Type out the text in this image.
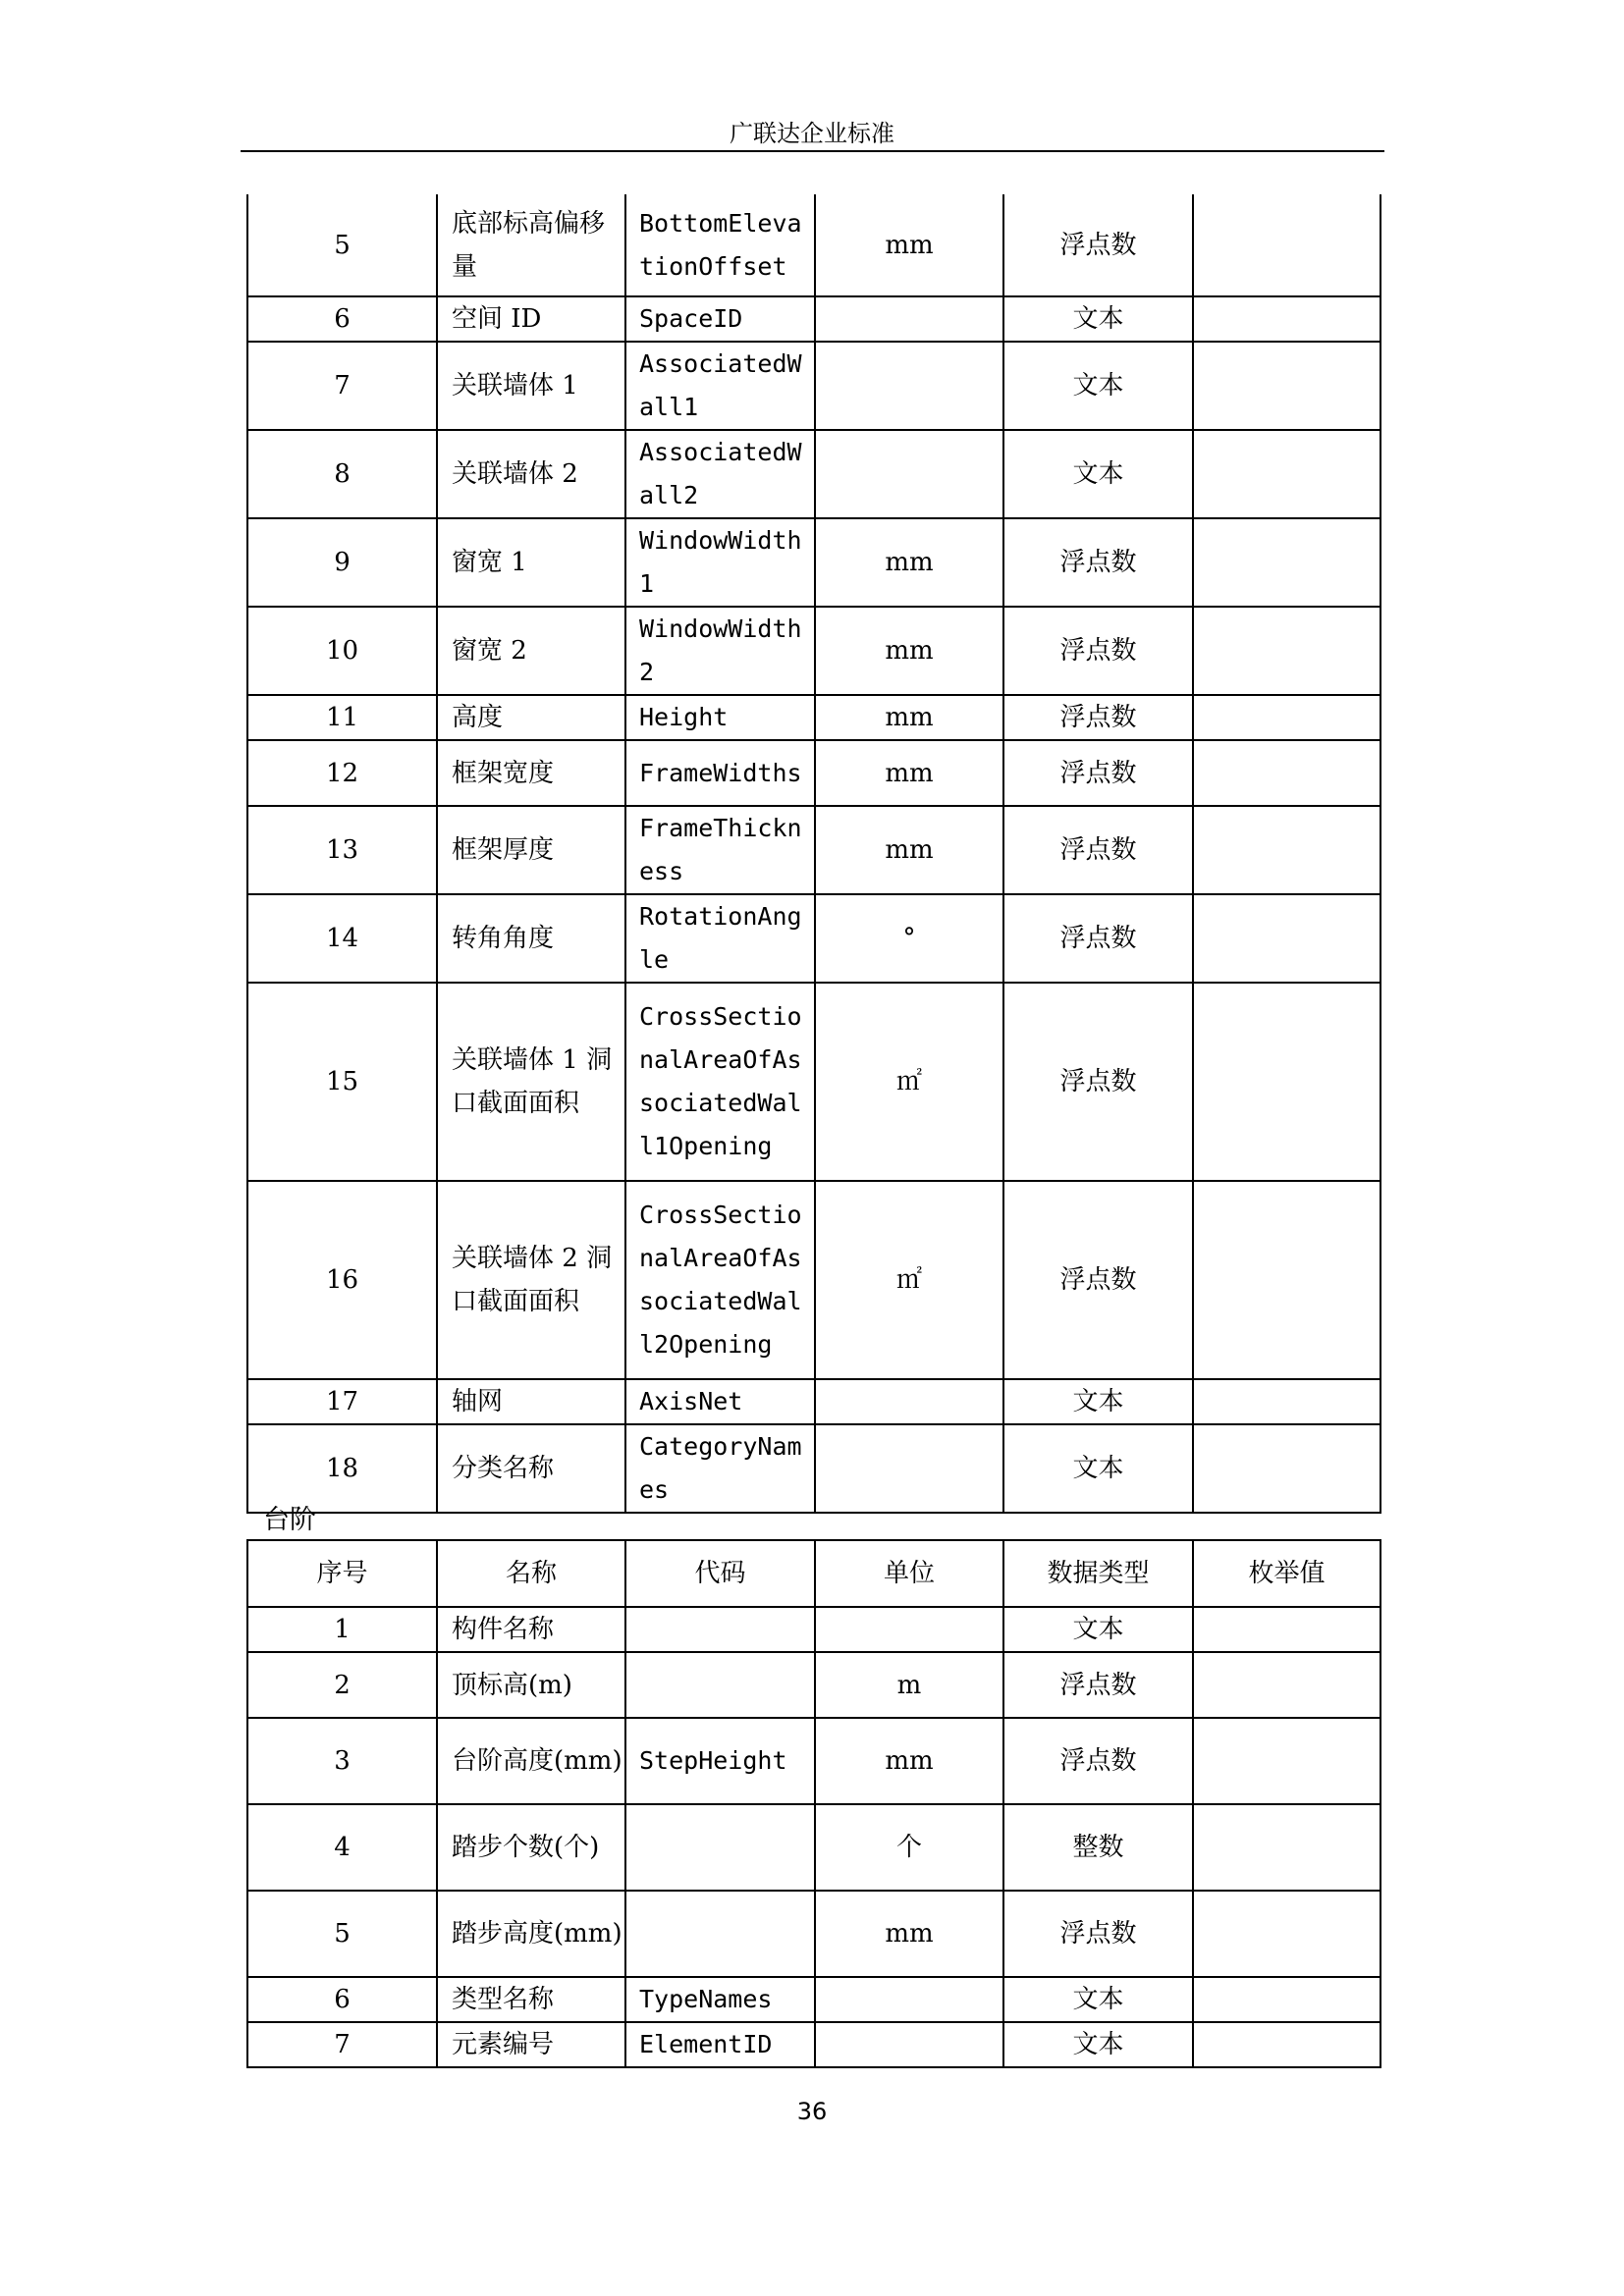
广联达企业标准
5	底部标高偏移量	BottomElevationOffset	mm	浮点数	
6	空间 ID	SpaceID		文本	
7	关联墙体 1	AssociatedWall1		文本	
8	关联墙体 2	AssociatedWall2		文本	
9	窗宽 1	WindowWidth1	mm	浮点数	
10	窗宽 2	WindowWidth2	mm	浮点数	
11	高度	Height	mm	浮点数	
12	框架宽度	FrameWidths	mm	浮点数	
13	框架厚度	FrameThickness	mm	浮点数	
14	转角角度	RotationAngle	°	浮点数	
15	关联墙体 1 洞口截面面积	CrossSectionalAreaOfAssociatedWall1Opening	㎡	浮点数	
16	关联墙体 2 洞口截面面积	CrossSectionalAreaOfAssociatedWall2Opening	㎡	浮点数	
17	轴网	AxisNet		文本	
18	分类名称	CategoryNames		文本	
台阶
序号	名称	代码	单位	数据类型	枚举值
1	构件名称			文本	
2	顶标高(m)		m	浮点数	
3	台阶高度(mm)	StepHeight	mm	浮点数	
4	踏步个数(个)		个	整数	
5	踏步高度(mm)		mm	浮点数	
6	类型名称	TypeNames		文本	
7	元素编号	ElementID		文本	
36
